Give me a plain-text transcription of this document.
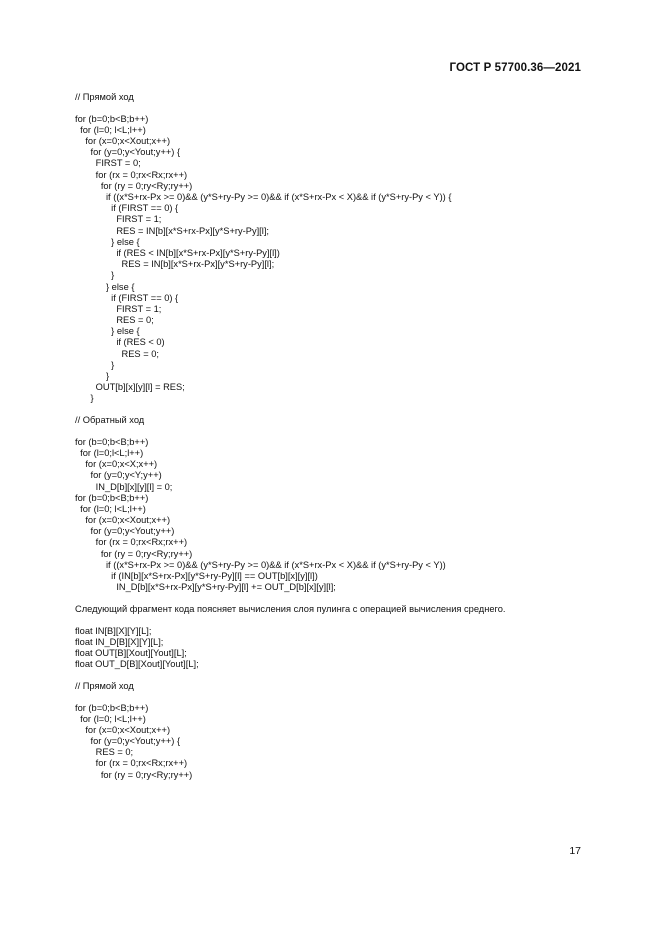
ГОСТ Р 57700.36—2021
// Прямой ход
for (b=0;b<B;b++)
for (l=0; l<L;l++)
for (x=0;x<Xout;x++)
for (y=0;y<Yout;y++) {
FIRST = 0;
for (rx = 0;rx<Rx;rx++)
for (ry = 0;ry<Ry;ry++)
if ((x*S+rx-Px >= 0)&& (y*S+ry-Py >= 0)&& if (x*S+rx-Px < X)&& if (y*S+ry-Py < Y)) {
if (FIRST == 0) {
FIRST = 1;
RES = IN[b][x*S+rx-Px][y*S+ry-Py][l];
} else {
if (RES < IN[b][x*S+rx-Px][y*S+ry-Py][l])
RES = IN[b][x*S+rx-Px][y*S+ry-Py][l];
}
} else {
if (FIRST == 0) {
FIRST = 1;
RES = 0;
} else {
if (RES < 0)
RES = 0;
}
}
OUT[b][x][y][l] = RES;
}
// Обратный ход
for (b=0;b<B;b++)
for (l=0;l<L;l++)
for (x=0;x<X;x++)
for (y=0;y<Y;y++)
IN_D[b][x][y][l] = 0;
for (b=0;b<B;b++)
for (l=0; l<L;l++)
for (x=0;x<Xout;x++)
for (y=0;y<Yout;y++)
for (rx = 0;rx<Rx;rx++)
for (ry = 0;ry<Ry;ry++)
if ((x*S+rx-Px >= 0)&& (y*S+ry-Py >= 0)&& if (x*S+rx-Px < X)&& if (y*S+ry-Py < Y))
if (IN[b][x*S+rx-Px][y*S+ry-Py][l] == OUT[b][x][y][l])
IN_D[b][x*S+rx-Px][y*S+ry-Py][l] += OUT_D[b][x][y][l];
Следующий фрагмент кода поясняет вычисления слоя пулинга с операцией вычисления среднего.
float IN[B][X][Y][L];
float IN_D[B][X][Y][L];
float OUT[B][Xout][Yout][L];
float OUT_D[B][Xout][Yout][L];
// Прямой ход
for (b=0;b<B;b++)
for (l=0; l<L;l++)
for (x=0;x<Xout;x++)
for (y=0;y<Yout;y++) {
RES = 0;
for (rx = 0;rx<Rx;rx++)
for (ry = 0;ry<Ry;ry++)
17
